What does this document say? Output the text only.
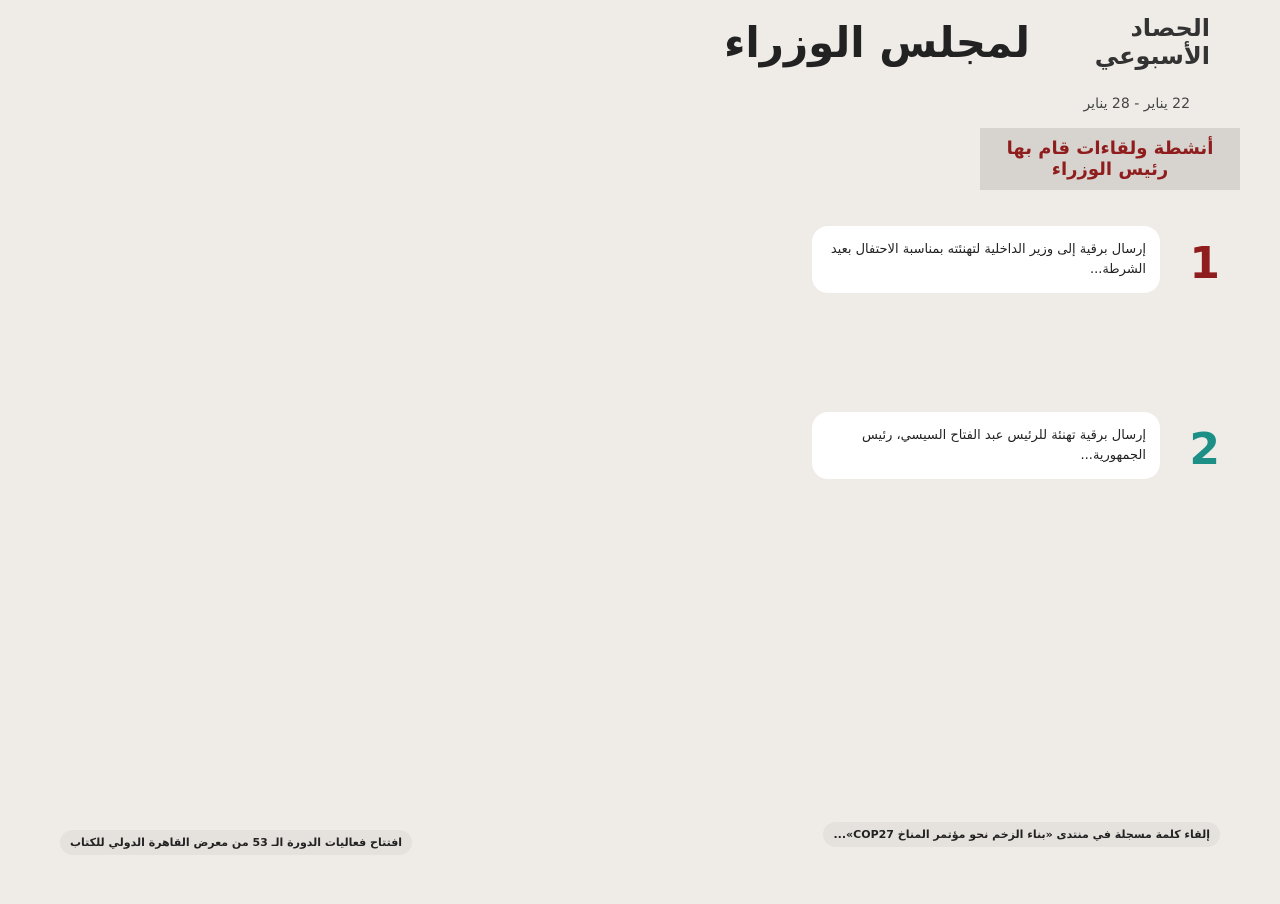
لمجلس الوزراء	الحصاد الأسبوعي
22 يناير - 28 يناير
أنشطة ولقاءات قام بها رئيس الوزراء
1
إرسال برقية إلى وزير الداخلية لتهنئته بمناسبة الاحتفال بعيد الشرطة...
2
إرسال برقية تهنئة للرئيس عبد الفتاح السيسي، رئيس الجمهورية...
افتتاح فعاليات الدورة الـ 53 من معرض القاهرة الدولي للكتاب
إلقاء كلمة مسجلة في منتدى «بناء الزخم نحو مؤتمر المناخ COP27»...
